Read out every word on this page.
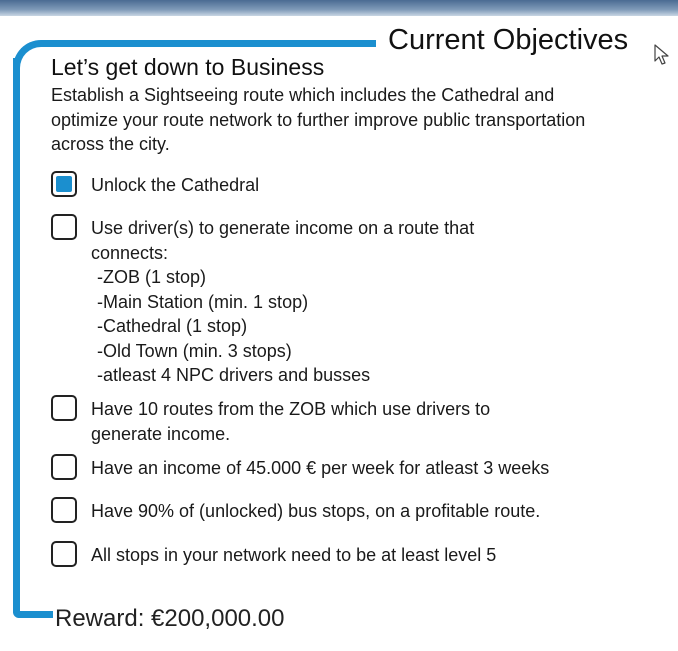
Current Objectives
Let’s get down to Business
Establish a Sightseeing route which includes the Cathedral and optimize your route network to further improve public transportation across the city.
Unlock the Cathedral
Use driver(s) to generate income on a route that connects:
-ZOB (1 stop)
-Main Station (min. 1 stop)
-Cathedral (1 stop)
-Old Town (min. 3 stops)
-atleast 4 NPC drivers and busses
Have 10 routes from the ZOB which use drivers to generate income.
Have an income of 45.000 € per week for atleast 3 weeks
Have 90% of (unlocked) bus stops, on a profitable route.
All stops in your network need to be at least level 5
Reward: €200,000.00
